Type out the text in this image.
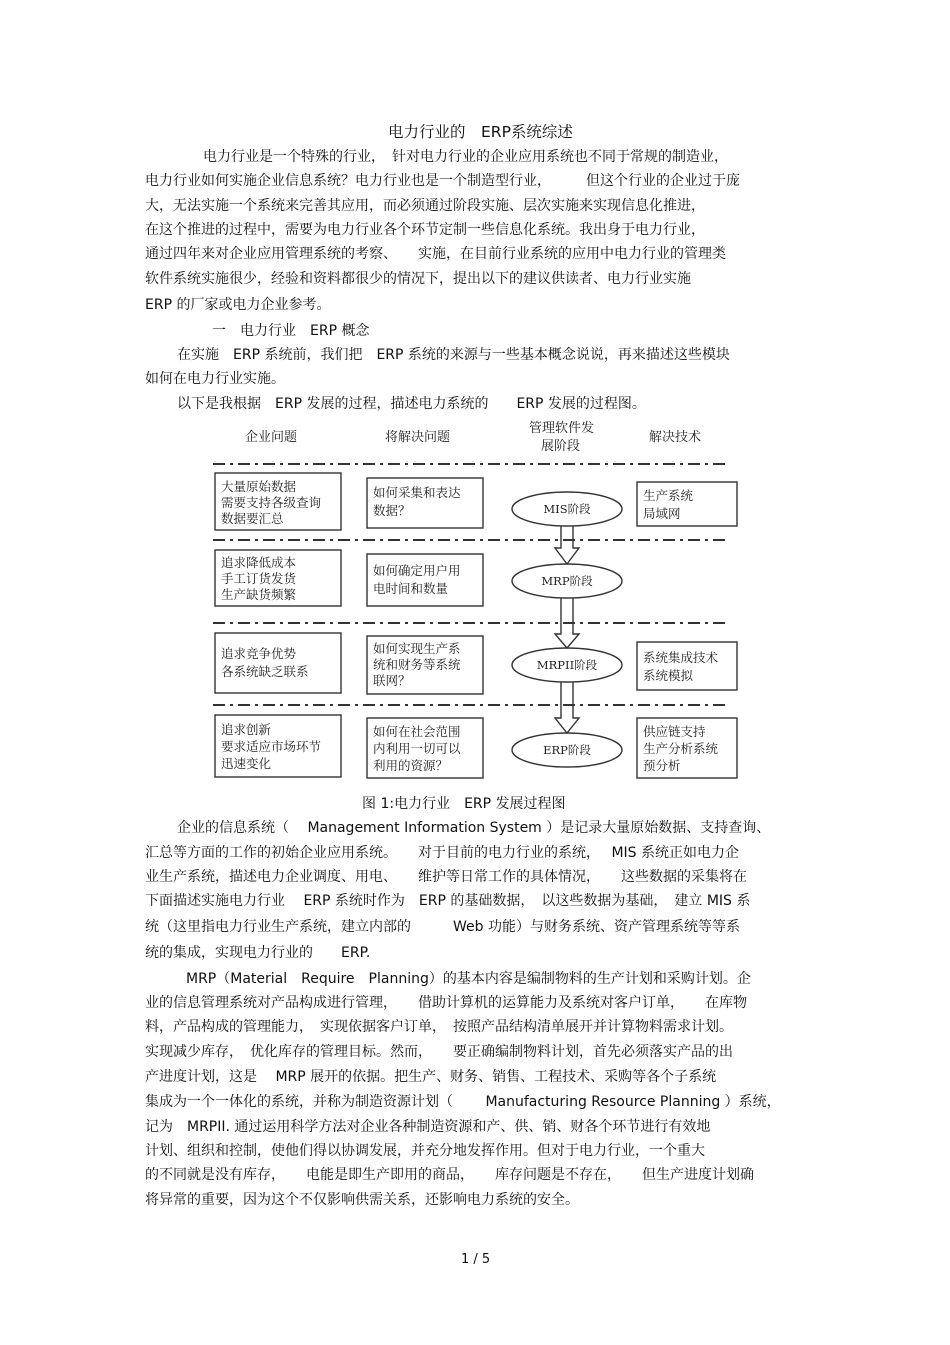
电力行业的　ERP系统综述
电力行业是一个特殊的行业，　针对电力行业的企业应用系统也不同于常规的制造业，
电力行业如何实施企业信息系统？电力行业也是一个制造型行业，　　　但这个行业的企业过于庞
大，无法实施一个系统来完善其应用，而必须通过阶段实施、层次实施来实现信息化推进，
在这个推进的过程中，需要为电力行业各个环节定制一些信息化系统。我出身于电力行业，
通过四年来对企业应用管理系统的考察、　　实施，在目前行业系统的应用中电力行业的管理类
软件系统实施很少，经验和资料都很少的情况下，提出以下的建议供读者、电力行业实施
ERP 的厂家或电力企业参考。
一　电力行业　ERP 概念
在实施　ERP 系统前，我们把　ERP 系统的来源与一些基本概念说说，再来描述这些模块
如何在电力行业实施。
以下是我根据　ERP 发展的过程，描述电力系统的　　ERP 发展的过程图。
企业问题	将解决问题
管理软件发
展阶段
解决技术
大量原始数据
需要支持各级查询
数据要汇总
追求降低成本
手工订货发货
生产缺货频繁
追求竞争优势
各系统缺乏联系
追求创新
要求适应市场环节
迅速变化
如何采集和表达
数据？
如何确定用户用
电时间和数量
如何实现生产系
统和财务等系统
联网？
如何在社会范围
内利用一切可以
利用的资源？
生产系统
局域网
系统集成技术
系统模拟
供应链支持
生产分析系统
预分析
MIS阶段
MRP阶段
MRPII阶段
ERP阶段
图 1:电力行业　ERP 发展过程图
企业的信息系统（　 Management Information System ）是记录大量原始数据、支持查询、
汇总等方面的工作的初始企业应用系统。　　对于目前的电力行业的系统，　 MIS 系统正如电力企
业生产系统，描述电力企业调度、用电、　　维护等日常工作的具体情况，　　这些数据的采集将在
下面描述实施电力行业　 ERP 系统时作为　ERP 的基础数据，　以这些数据为基础，　建立 MIS 系
统（这里指电力行业生产系统，建立内部的　　　Web 功能）与财务系统、资产管理系统等等系
统的集成，实现电力行业的　　ERP.
MRP（Material　Require　Planning）的基本内容是编制物料的生产计划和采购计划。企
业的信息管理系统对产品构成进行管理，　　借助计算机的运算能力及系统对客户订单，　　在库物
料，产品构成的管理能力，　实现依据客户订单，　按照产品结构清单展开并计算物料需求计划。
实现减少库存，　优化库存的管理目标。然而，　　要正确编制物料计划，首先必须落实产品的出
产进度计划，这是　 MRP 展开的依据。把生产、财务、销售、工程技术、采购等各个子系统
集成为一个一体化的系统，并称为制造资源计划（　　 Manufacturing Resource Planning ）系统，
记为　MRPII. 通过运用科学方法对企业各种制造资源和产、供、销、财各个环节进行有效地
计划、组织和控制，使他们得以协调发展，并充分地发挥作用。但对于电力行业，一个重大
的不同就是没有库存，　　电能是即生产即用的商品，　　库存问题是不存在，　　但生产进度计划确
将异常的重要，因为这个不仅影响供需关系，还影响电力系统的安全。
1 / 5
